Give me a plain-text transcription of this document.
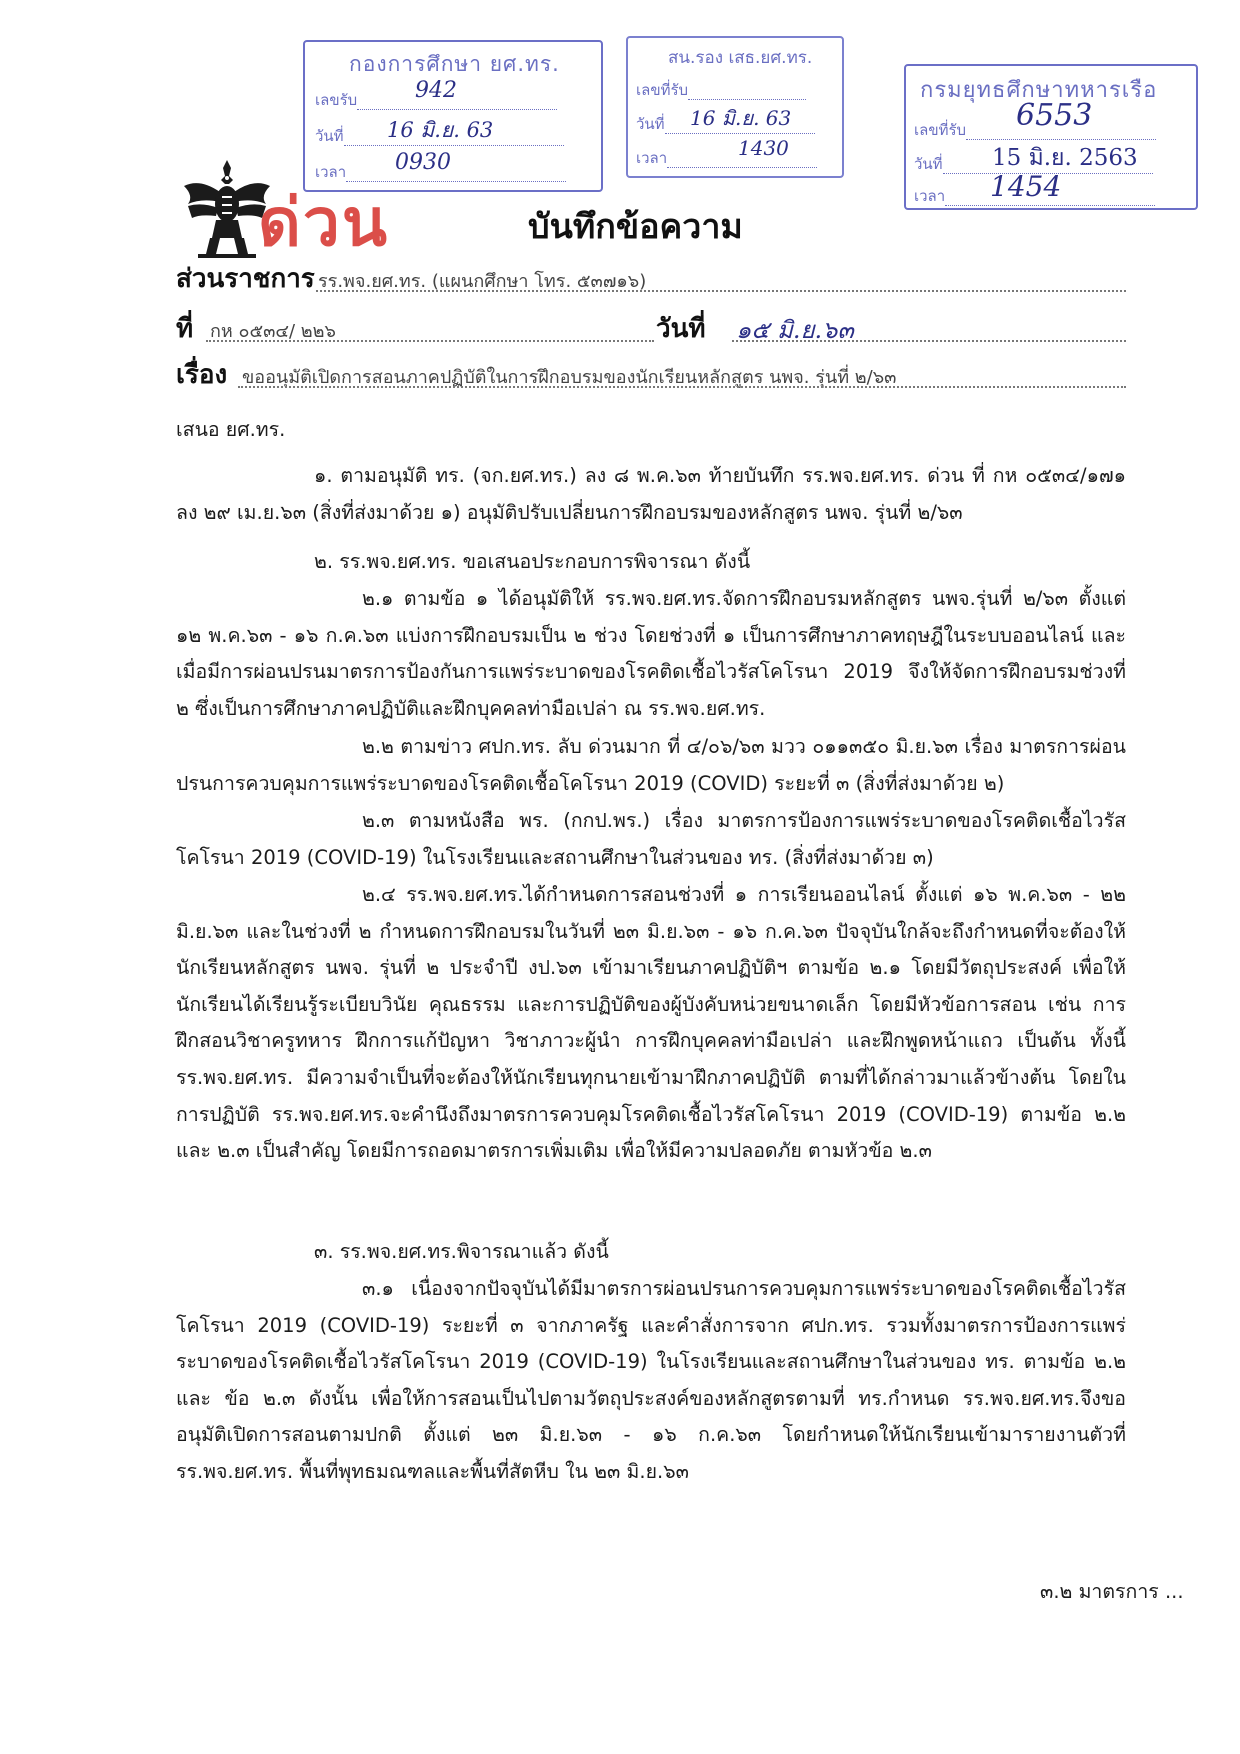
กองการศึกษา ยศ.ทร.
เลขรับ	942
วันที่	16 มิ.ย. 63
เวลา	0930
สน.รอง เสธ.ยศ.ทร.
เลขที่รับ
วันที่	16 มิ.ย. 63
เวลา	1430
กรมยุทธศึกษาทหารเรือ
เลขที่รับ	6553
วันที่	15 มิ.ย. 2563
เวลา	1454
ด่วน	บันทึกข้อความ
ส่วนราชการ รร.พจ.ยศ.ทร. (แผนกศึกษา โทร. ๕๓๗๑๖)
ที่ กห ๐๕๓๔/ ๒๒๖	วันที่ ๑๕ มิ.ย.๖๓
เรื่อง ขออนุมัติเปิดการสอนภาคปฏิบัติในการฝึกอบรมของนักเรียนหลักสูตร นพจ. รุ่นที่ ๒/๖๓
เสนอ ยศ.ทร.
๑. ตามอนุมัติ ทร. (จก.ยศ.ทร.) ลง ๘ พ.ค.๖๓ ท้ายบันทึก รร.พจ.ยศ.ทร. ด่วน ที่ กห ๐๕๓๔/๑๗๑ ลง ๒๙ เม.ย.๖๓ (สิ่งที่ส่งมาด้วย ๑) อนุมัติปรับเปลี่ยนการฝึกอบรมของหลักสูตร นพจ. รุ่นที่ ๒/๖๓
๒. รร.พจ.ยศ.ทร. ขอเสนอประกอบการพิจารณา ดังนี้
๒.๑ ตามข้อ ๑ ได้อนุมัติให้ รร.พจ.ยศ.ทร.จัดการฝึกอบรมหลักสูตร นพจ.รุ่นที่ ๒/๖๓ ตั้งแต่ ๑๒ พ.ค.๖๓ - ๑๖ ก.ค.๖๓ แบ่งการฝึกอบรมเป็น ๒ ช่วง โดยช่วงที่ ๑ เป็นการศึกษาภาคทฤษฎีในระบบออนไลน์ และเมื่อมีการผ่อนปรนมาตรการป้องกันการแพร่ระบาดของโรคติดเชื้อไวรัสโคโรนา 2019 จึงให้จัดการฝึกอบรมช่วงที่ ๒ ซึ่งเป็นการศึกษาภาคปฏิบัติและฝึกบุคคลท่ามือเปล่า ณ รร.พจ.ยศ.ทร.
๒.๒ ตามข่าว ศปก.ทร. ลับ ด่วนมาก ที่ ๔/๐๖/๖๓ มวว ๐๑๑๓๕๐ มิ.ย.๖๓ เรื่อง มาตรการผ่อนปรนการควบคุมการแพร่ระบาดของโรคติดเชื้อโคโรนา 2019 (COVID) ระยะที่ ๓ (สิ่งที่ส่งมาด้วย ๒)
๒.๓ ตามหนังสือ พร. (กกป.พร.) เรื่อง มาตรการป้องการแพร่ระบาดของโรคติดเชื้อไวรัสโคโรนา 2019 (COVID-19) ในโรงเรียนและสถานศึกษาในส่วนของ ทร. (สิ่งที่ส่งมาด้วย ๓)
๒.๔ รร.พจ.ยศ.ทร.ได้กำหนดการสอนช่วงที่ ๑ การเรียนออนไลน์ ตั้งแต่ ๑๖ พ.ค.๖๓ - ๒๒ มิ.ย.๖๓ และในช่วงที่ ๒ กำหนดการฝึกอบรมในวันที่ ๒๓ มิ.ย.๖๓ - ๑๖ ก.ค.๖๓ ปัจจุบันใกล้จะถึงกำหนดที่จะต้องให้นักเรียนหลักสูตร นพจ. รุ่นที่ ๒ ประจำปี งป.๖๓ เข้ามาเรียนภาคปฏิบัติฯ ตามข้อ ๒.๑ โดยมีวัตถุประสงค์ เพื่อให้นักเรียนได้เรียนรู้ระเบียบวินัย คุณธรรม และการปฏิบัติของผู้บังคับหน่วยขนาดเล็ก โดยมีหัวข้อการสอน เช่น การฝึกสอนวิชาครูทหาร ฝึกการแก้ปัญหา วิชาภาวะผู้นำ การฝึกบุคคลท่ามือเปล่า และฝึกพูดหน้าแถว เป็นต้น ทั้งนี้ รร.พจ.ยศ.ทร. มีความจำเป็นที่จะต้องให้นักเรียนทุกนายเข้ามาฝึกภาคปฏิบัติ ตามที่ได้กล่าวมาแล้วข้างต้น โดยในการปฏิบัติ รร.พจ.ยศ.ทร.จะคำนึงถึงมาตรการควบคุมโรคติดเชื้อไวรัสโคโรนา 2019 (COVID-19) ตามข้อ ๒.๒ และ ๒.๓ เป็นสำคัญ โดยมีการถอดมาตรการเพิ่มเติม เพื่อให้มีความปลอดภัย ตามหัวข้อ ๒.๓
๓. รร.พจ.ยศ.ทร.พิจารณาแล้ว ดังนี้
๓.๑ เนื่องจากปัจจุบันได้มีมาตรการผ่อนปรนการควบคุมการแพร่ระบาดของโรคติดเชื้อไวรัสโคโรนา 2019 (COVID-19) ระยะที่ ๓ จากภาครัฐ และคำสั่งการจาก ศปก.ทร. รวมทั้งมาตรการป้องการแพร่ระบาดของโรคติดเชื้อไวรัสโคโรนา 2019 (COVID-19) ในโรงเรียนและสถานศึกษาในส่วนของ ทร. ตามข้อ ๒.๒ และ ข้อ ๒.๓ ดังนั้น เพื่อให้การสอนเป็นไปตามวัตถุประสงค์ของหลักสูตรตามที่ ทร.กำหนด รร.พจ.ยศ.ทร.จึงขออนุมัติเปิดการสอนตามปกติ ตั้งแต่ ๒๓ มิ.ย.๖๓ - ๑๖ ก.ค.๖๓ โดยกำหนดให้นักเรียนเข้ามารายงานตัวที่ รร.พจ.ยศ.ทร. พื้นที่พุทธมณฑลและพื้นที่สัตหีบ ใน ๒๓ มิ.ย.๖๓
๓.๒ มาตรการ ...
